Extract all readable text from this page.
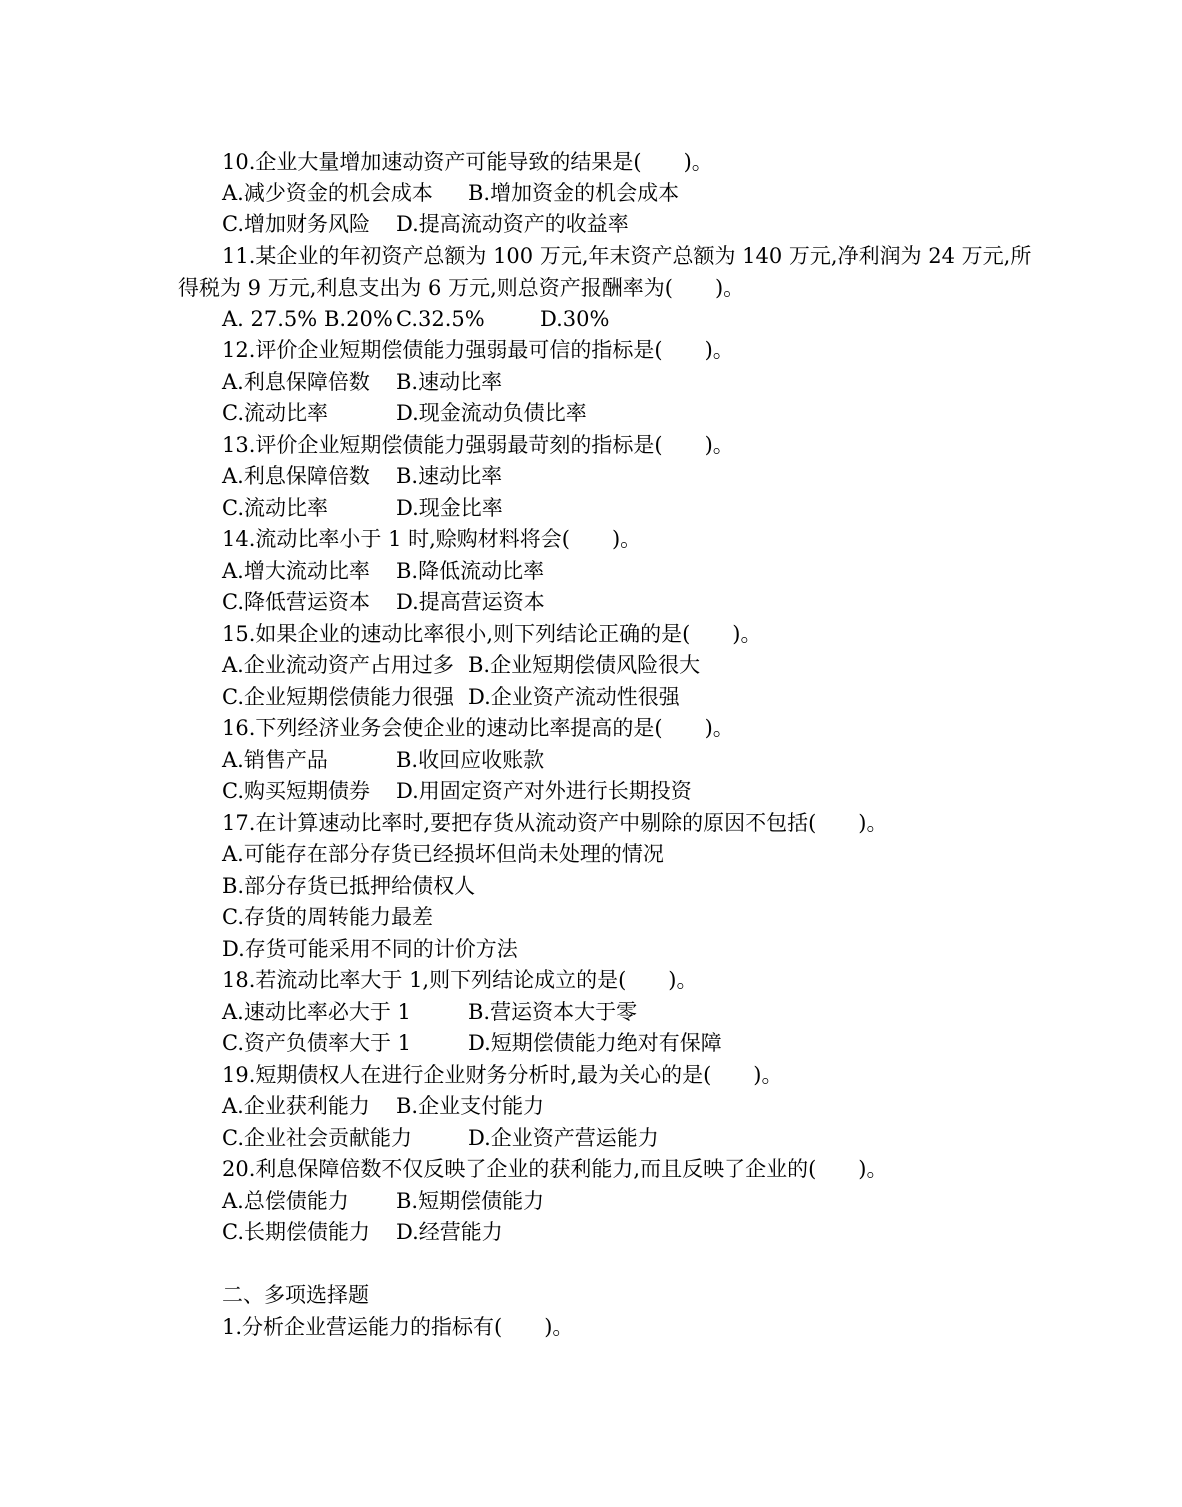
10.企业大量增加速动资产可能导致的结果是(　　)。
A.减少资金的机会成本 B.增加资金的机会成本
C.增加财务风险 D.提高流动资产的收益率
11.某企业的年初资产总额为 100 万元,年末资产总额为 140 万元,净利润为 24 万元,所
得税为 9 万元,利息支出为 6 万元,则总资产报酬率为(　　)。
A. 27.5% B.20% C.32.5%	D.30%
12.评价企业短期偿债能力强弱最可信的指标是(　　)。
A.利息保障倍数 B.速动比率
C.流动比率	D.现金流动负债比率
13.评价企业短期偿债能力强弱最苛刻的指标是(　　)。
A.利息保障倍数 B.速动比率
C.流动比率	D.现金比率
14.流动比率小于 1 时,赊购材料将会(　　)。
A.增大流动比率 B.降低流动比率
C.降低营运资本 D.提高营运资本
15.如果企业的速动比率很小,则下列结论正确的是(　　)。
A.企业流动资产占用过多 B.企业短期偿债风险很大
C.企业短期偿债能力很强 D.企业资产流动性很强
16.下列经济业务会使企业的速动比率提高的是(　　)。
A.销售产品	B.收回应收账款
C.购买短期债券 D.用固定资产对外进行长期投资
17.在计算速动比率时,要把存货从流动资产中剔除的原因不包括(　　)。
A.可能存在部分存货已经损坏但尚未处理的情况
B.部分存货已抵押给债权人
C.存货的周转能力最差
D.存货可能采用不同的计价方法
18.若流动比率大于 1,则下列结论成立的是(　　)。
A.速动比率必大于 1	B.营运资本大于零
C.资产负债率大于 1	D.短期偿债能力绝对有保障
19.短期债权人在进行企业财务分析时,最为关心的是(　　)。
A.企业获利能力 B.企业支付能力
C.企业社会贡献能力	D.企业资产营运能力
20.利息保障倍数不仅反映了企业的获利能力,而且反映了企业的(　　)。
A.总偿债能力 B.短期偿债能力
C.长期偿债能力 D.经营能力
二、多项选择题
1.分析企业营运能力的指标有(　　)。
